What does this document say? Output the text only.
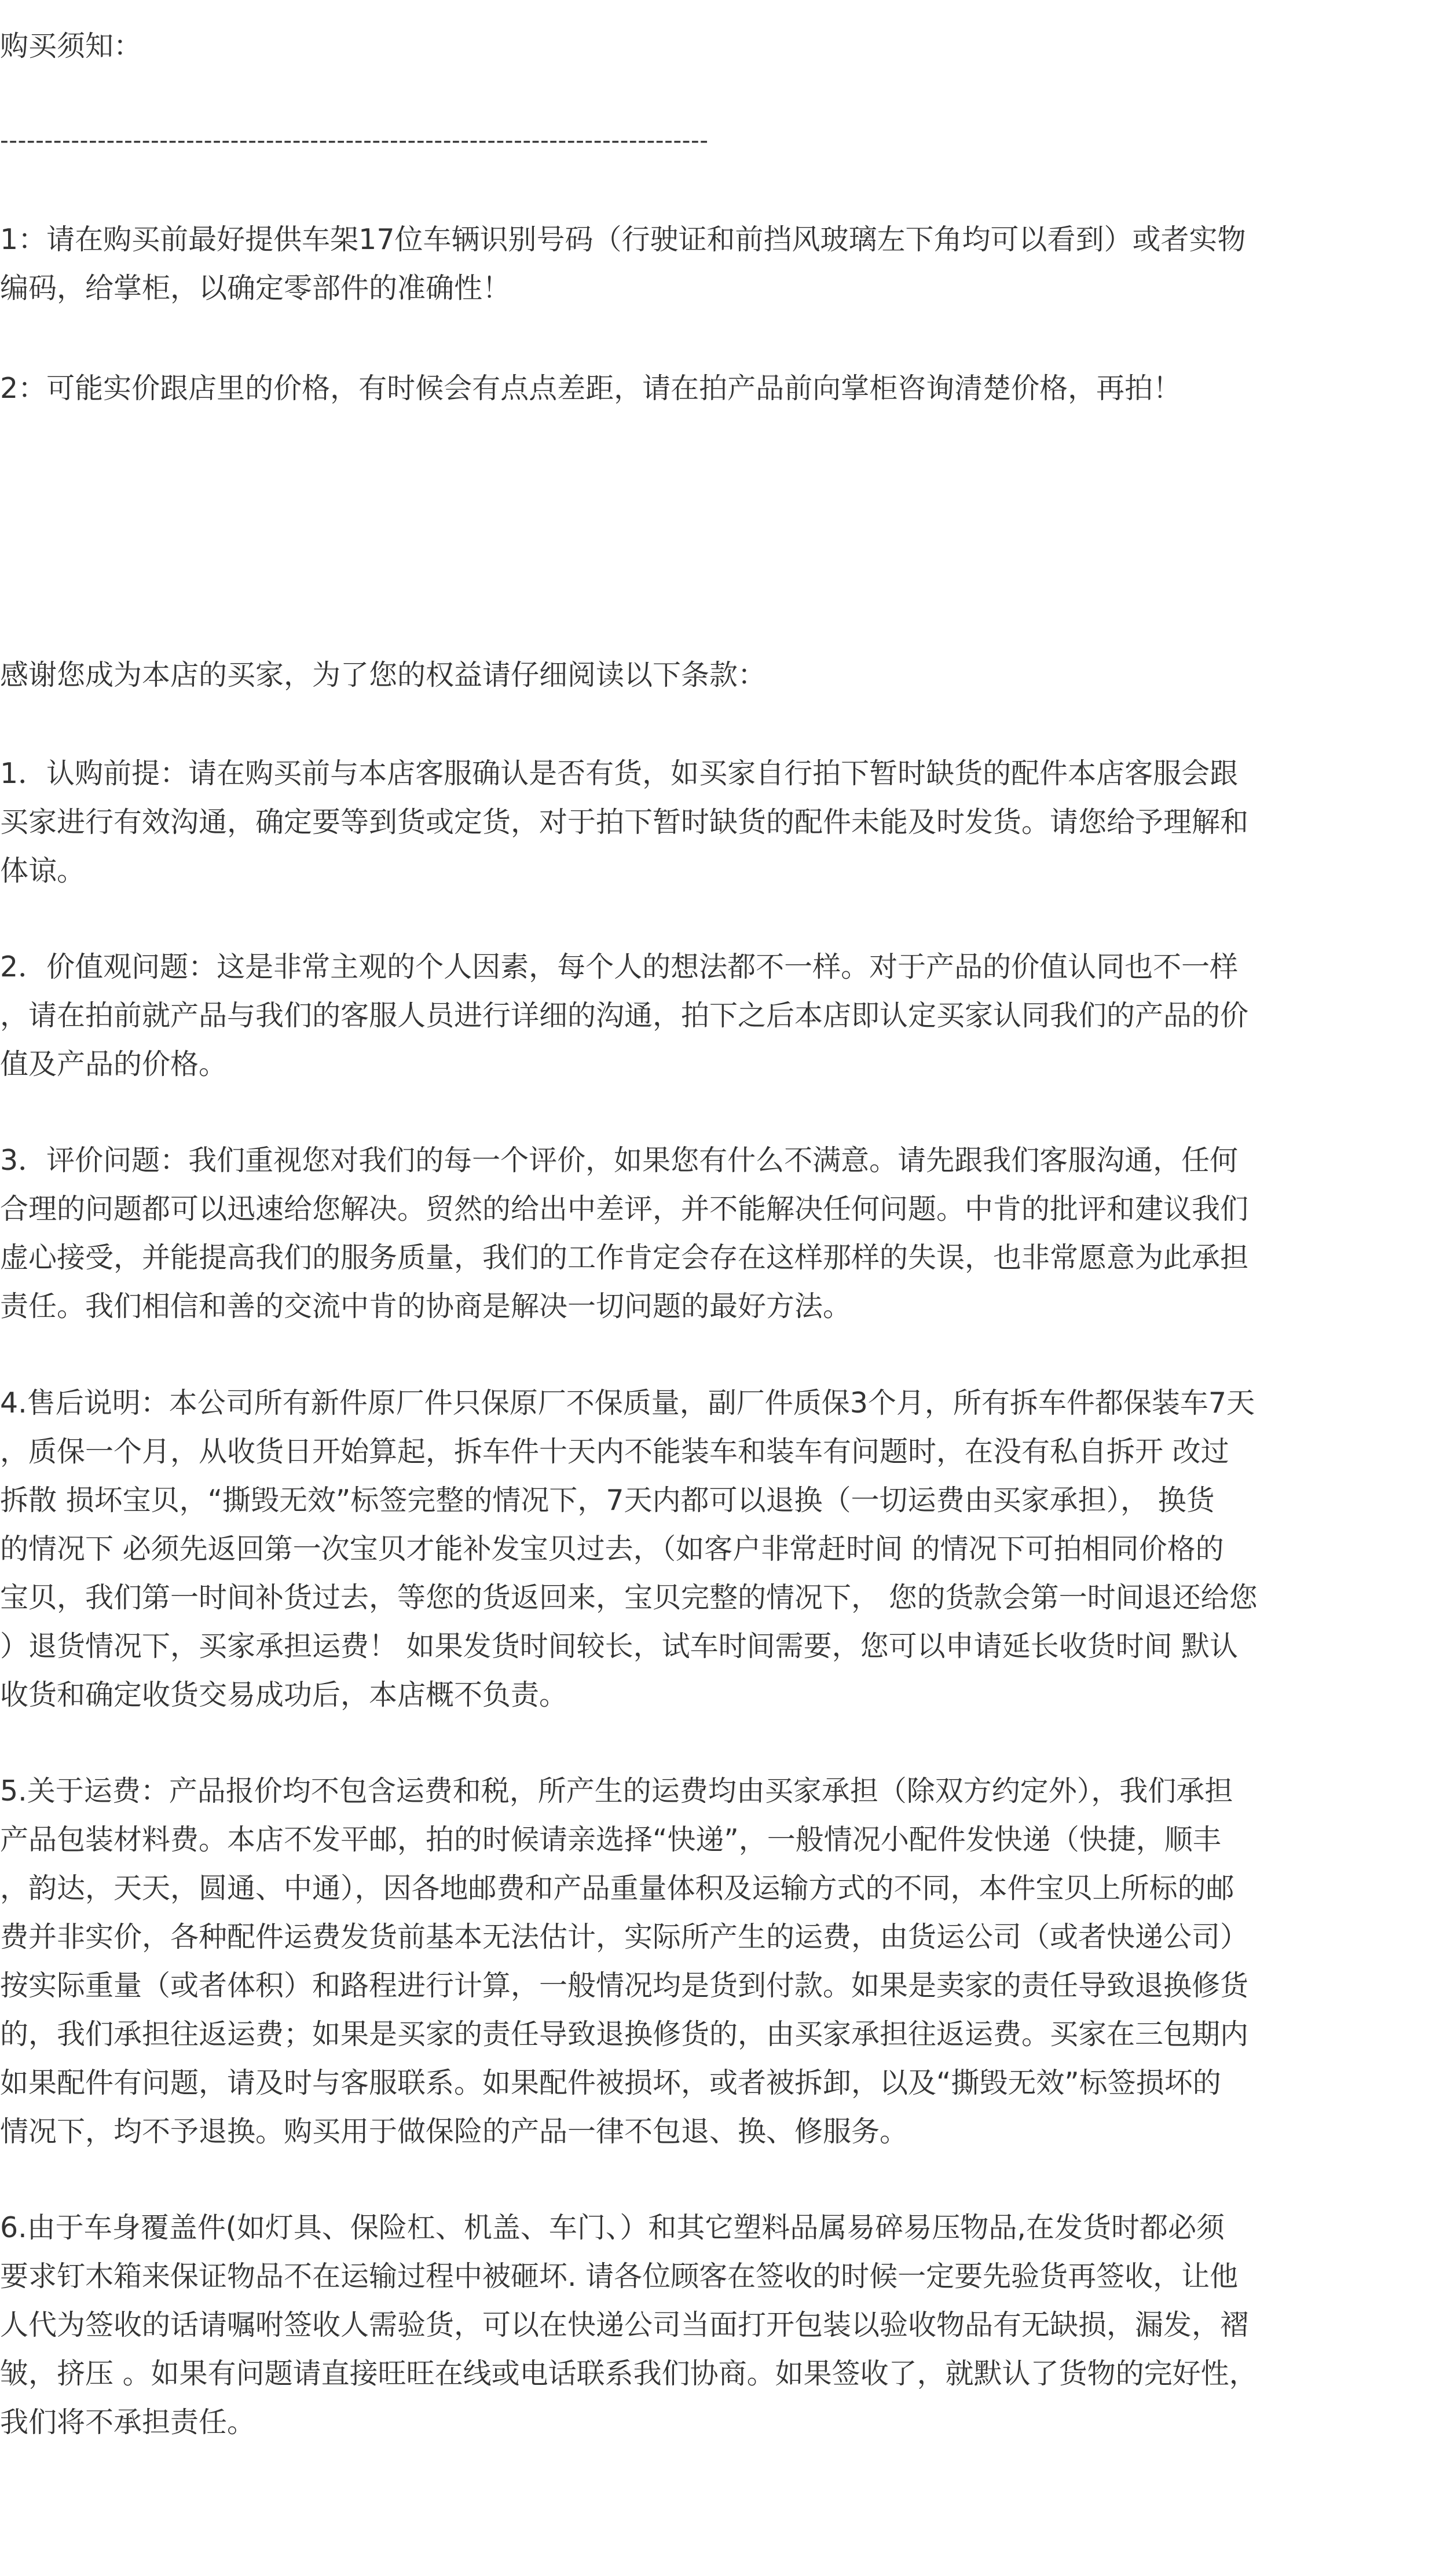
购买须知：

--------------------------------------------------------------------------------

1：请在购买前最好提供车架17位车辆识别号码（行驶证和前挡风玻璃左下角均可以看到）或者实物

编码，给掌柜，以确定零部件的准确性！

2：可能实价跟店里的价格，有时候会有点点差距，请在拍产品前向掌柜咨询清楚价格，再拍！

感谢您成为本店的买家，为了您的权益请仔细阅读以下条款：

1．认购前提：请在购买前与本店客服确认是否有货，如买家自行拍下暂时缺货的配件本店客服会跟

买家进行有效沟通，确定要等到货或定货，对于拍下暂时缺货的配件未能及时发货。请您给予理解和

体谅。

2．价值观问题：这是非常主观的个人因素，每个人的想法都不一样。对于产品的价值认同也不一样

，请在拍前就产品与我们的客服人员进行详细的沟通，拍下之后本店即认定买家认同我们的产品的价

值及产品的价格。

3．评价问题：我们重视您对我们的每一个评价，如果您有什么不满意。请先跟我们客服沟通，任何

合理的问题都可以迅速给您解决。贸然的给出中差评，并不能解决任何问题。中肯的批评和建议我们

虚心接受，并能提高我们的服务质量，我们的工作肯定会存在这样那样的失误，也非常愿意为此承担

责任。我们相信和善的交流中肯的协商是解决一切问题的最好方法。

4.售后说明：本公司所有新件原厂件只保原厂不保质量，副厂件质保3个月，所有拆车件都保装车7天

，质保一个月，从收货日开始算起，拆车件十天内不能装车和装车有问题时，在没有私自拆开 改过

拆散 损坏宝贝，“撕毁无效”标签完整的情况下，7天内都可以退换（一切运费由买家承担）， 换货

的情况下 必须先返回第一次宝贝才能补发宝贝过去，（如客户非常赶时间 的情况下可拍相同价格的

宝贝，我们第一时间补货过去，等您的货返回来，宝贝完整的情况下， 您的货款会第一时间退还给您

）退货情况下，买家承担运费！ 如果发货时间较长，试车时间需要，您可以申请延长收货时间 默认

收货和确定收货交易成功后，本店概不负责。

5.关于运费：产品报价均不包含运费和税，所产生的运费均由买家承担（除双方约定外），我们承担

产品包装材料费。本店不发平邮，拍的时候请亲选择“快递”，一般情况小配件发快递（快捷，顺丰

，韵达，天天，圆通、中通），因各地邮费和产品重量体积及运输方式的不同，本件宝贝上所标的邮

费并非实价，各种配件运费发货前基本无法估计，实际所产生的运费，由货运公司（或者快递公司）

按实际重量（或者体积）和路程进行计算，一般情况均是货到付款。如果是卖家的责任导致退换修货

的，我们承担往返运费；如果是买家的责任导致退换修货的，由买家承担往返运费。买家在三包期内

如果配件有问题，请及时与客服联系。如果配件被损坏，或者被拆卸，以及“撕毁无效”标签损坏的

情况下，均不予退换。购买用于做保险的产品一律不包退、换、修服务。

6.由于车身覆盖件(如灯具、保险杠、机盖、车门、）和其它塑料品属易碎易压物品,在发货时都必须

要求钉木箱来保证物品不在运输过程中被砸坏. 请各位顾客在签收的时候一定要先验货再签收，让他

人代为签收的话请嘱咐签收人需验货，可以在快递公司当面打开包装以验收物品有无缺损，漏发，褶

皱，挤压 。如果有问题请直接旺旺在线或电话联系我们协商。如果签收了，就默认了货物的完好性，

我们将不承担责任。
